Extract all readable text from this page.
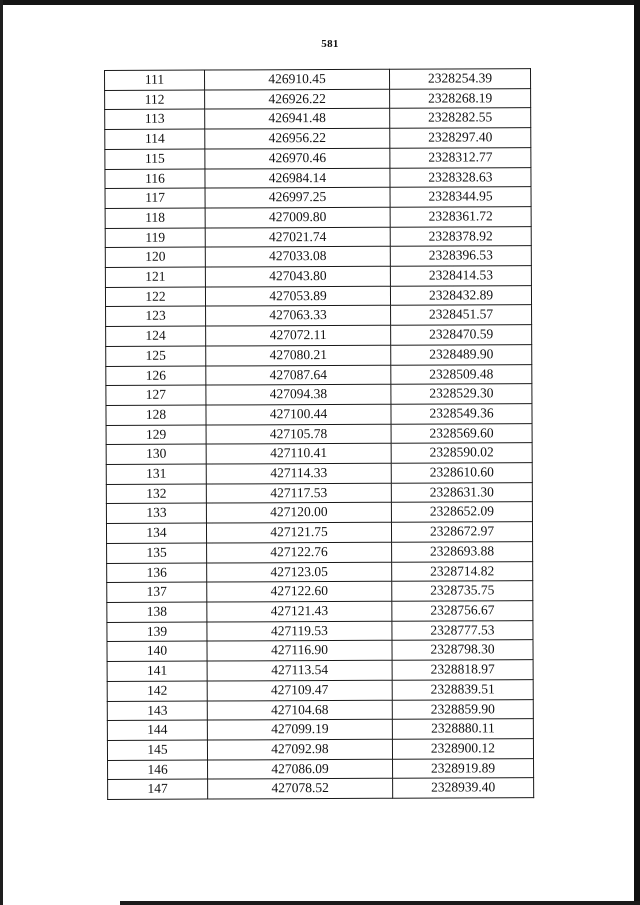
581
111	426910.45	2328254.39
112	426926.22	2328268.19
113	426941.48	2328282.55
114	426956.22	2328297.40
115	426970.46	2328312.77
116	426984.14	2328328.63
117	426997.25	2328344.95
118	427009.80	2328361.72
119	427021.74	2328378.92
120	427033.08	2328396.53
121	427043.80	2328414.53
122	427053.89	2328432.89
123	427063.33	2328451.57
124	427072.11	2328470.59
125	427080.21	2328489.90
126	427087.64	2328509.48
127	427094.38	2328529.30
128	427100.44	2328549.36
129	427105.78	2328569.60
130	427110.41	2328590.02
131	427114.33	2328610.60
132	427117.53	2328631.30
133	427120.00	2328652.09
134	427121.75	2328672.97
135	427122.76	2328693.88
136	427123.05	2328714.82
137	427122.60	2328735.75
138	427121.43	2328756.67
139	427119.53	2328777.53
140	427116.90	2328798.30
141	427113.54	2328818.97
142	427109.47	2328839.51
143	427104.68	2328859.90
144	427099.19	2328880.11
145	427092.98	2328900.12
146	427086.09	2328919.89
147	427078.52	2328939.40
